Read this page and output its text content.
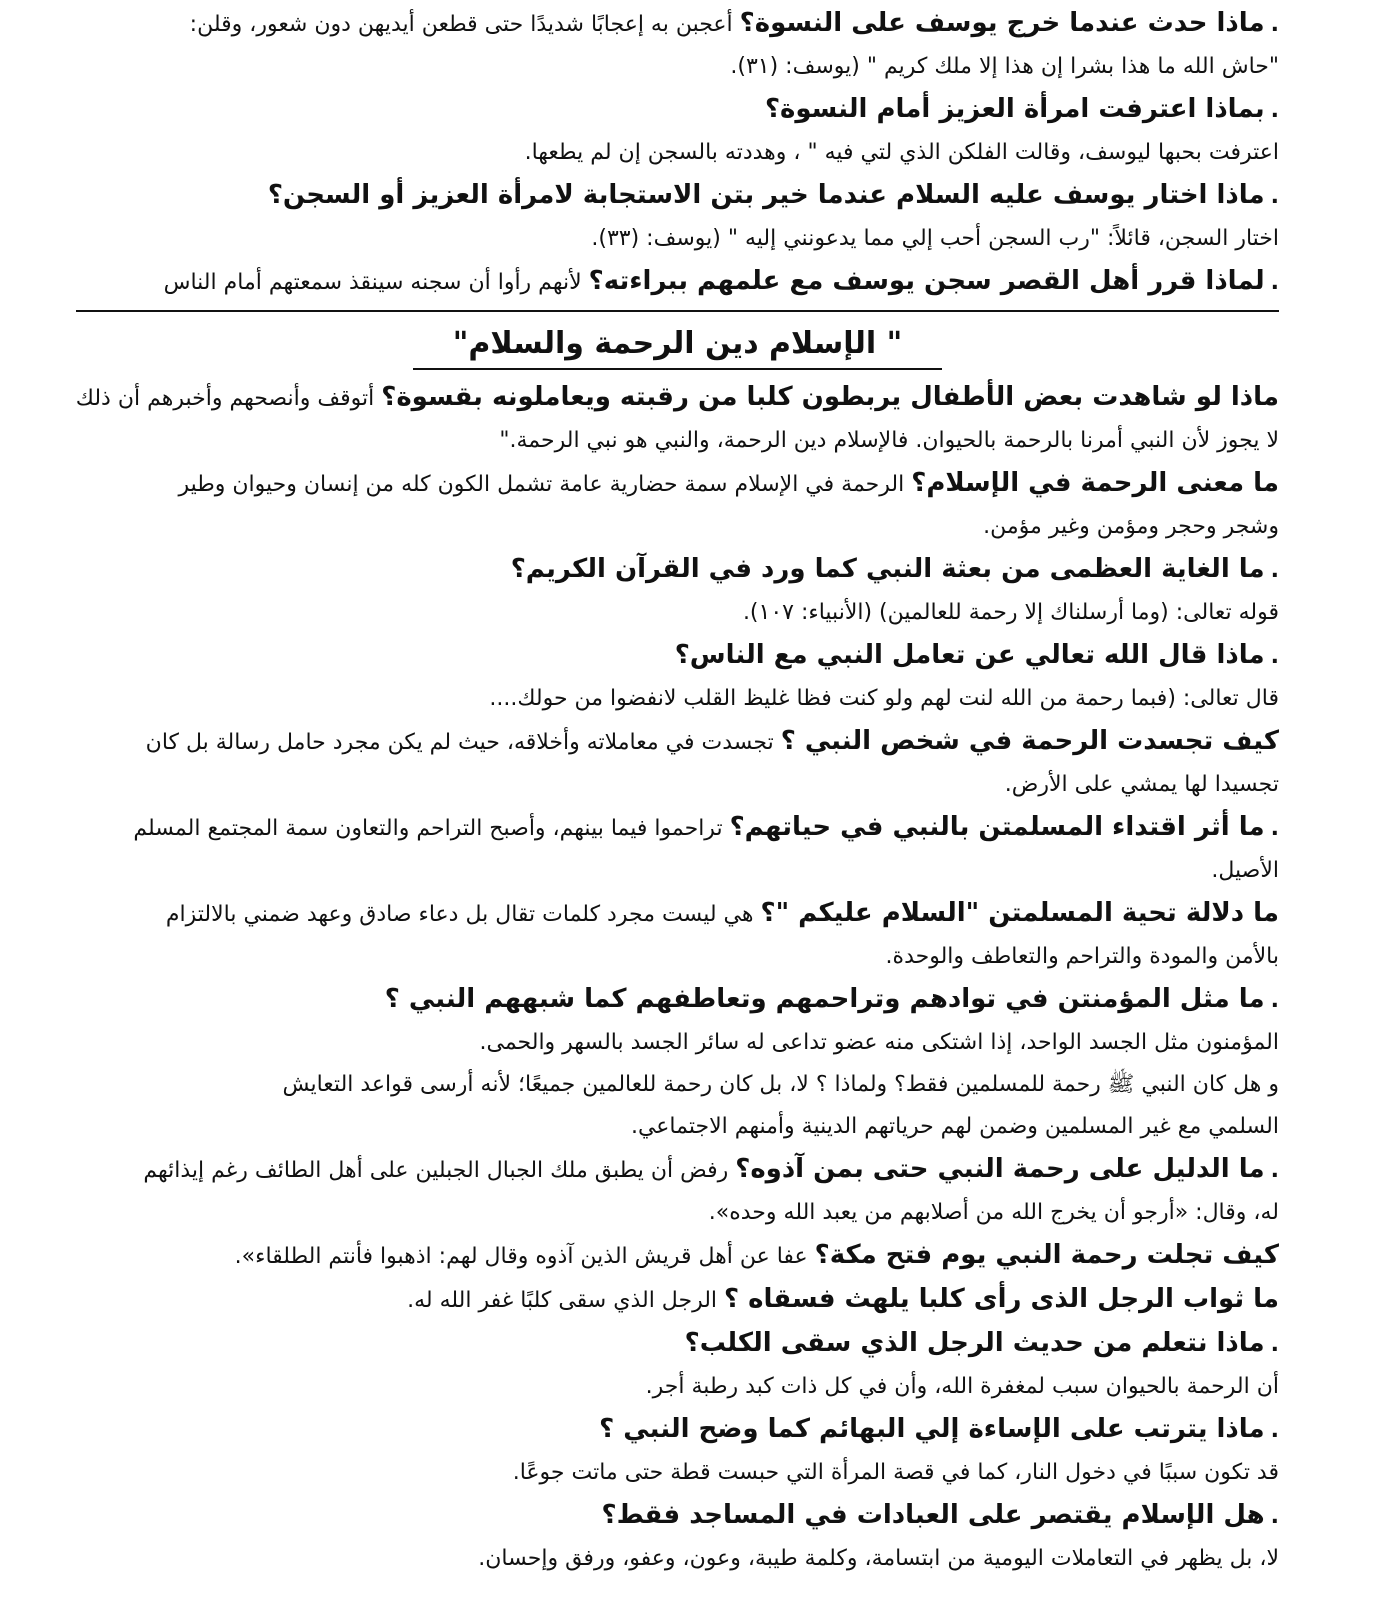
.ماذا حدث عندما خرج يوسف على النسوة؟ أعجبن به إعجابًا شديدًا حتى قطعن أيديهن دون شعور، وقلن:
"حاش الله ما هذا بشرا إن هذا إلا ملك كريم " (يوسف: (٣١).
.بماذا اعترفت امرأة العزيز أمام النسوة؟
اعترفت بحبها ليوسف، وقالت الفلكن الذي لتي فيه " ، وهددته بالسجن إن لم يطعها.
.ماذا اختار يوسف عليه السلام عندما خير بتن الاستجابة لامرأة العزيز أو السجن؟
اختار السجن، قائلاً: "رب السجن أحب إلي مما يدعونني إليه " (يوسف: (٣٣).
.لماذا قرر أهل القصر سجن يوسف مع علمهم ببراءته؟ لأنهم رأوا أن سجنه سينقذ سمعتهم أمام الناس
" الإسلام دين الرحمة والسلام"
ماذا لو شاهدت بعض الأطفال يربطون كلبا من رقبته ويعاملونه بقسوة؟ أتوقف وأنصحهم وأخبرهم أن ذلك
لا يجوز لأن النبي أمرنا بالرحمة بالحيوان. فالإسلام دين الرحمة، والنبي هو نبي الرحمة."
ما معنى الرحمة في الإسلام؟ الرحمة في الإسلام سمة حضارية عامة تشمل الكون كله من إنسان وحيوان وطير
وشجر وحجر ومؤمن وغير مؤمن.
.ما الغاية العظمى من بعثة النبي كما ورد في القرآن الكريم؟
قوله تعالى: (وما أرسلناك إلا رحمة للعالمين) (الأنبياء: ١٠٧).
.ماذا قال الله تعالي عن تعامل النبي مع الناس؟
قال تعالى: (فبما رحمة من الله لنت لهم ولو كنت فظا غليظ القلب لانفضوا من حولك....
كيف تجسدت الرحمة في شخص النبي ؟ تجسدت في معاملاته وأخلاقه، حيث لم يكن مجرد حامل رسالة بل كان
تجسيدا لها يمشي على الأرض.
.ما أثر اقتداء المسلمتن بالنبي في حياتهم؟ تراحموا فيما بينهم، وأصبح التراحم والتعاون سمة المجتمع المسلم
الأصيل.
ما دلالة تحية المسلمتن "السلام عليكم "؟ هي ليست مجرد كلمات تقال بل دعاء صادق وعهد ضمني بالالتزام
بالأمن والمودة والتراحم والتعاطف والوحدة.
.ما مثل المؤمنتن في توادهم وتراحمهم وتعاطفهم كما شبههم النبي ؟
المؤمنون مثل الجسد الواحد، إذا اشتكى منه عضو تداعى له سائر الجسد بالسهر والحمى.
و هل كان النبي ﷺ رحمة للمسلمين فقط؟ ولماذا ؟ لا، بل كان رحمة للعالمين جميعًا؛ لأنه أرسى قواعد التعايش
السلمي مع غير المسلمين وضمن لهم حرياتهم الدينية وأمنهم الاجتماعي.
.ما الدليل على رحمة النبي حتى بمن آذوه؟ رفض أن يطبق ملك الجبال الجبلين على أهل الطائف رغم إيذائهم
له، وقال: «أرجو أن يخرج الله من أصلابهم من يعبد الله وحده».
كيف تجلت رحمة النبي يوم فتح مكة؟ عفا عن أهل قريش الذين آذوه وقال لهم: اذهبوا فأنتم الطلقاء».
ما ثواب الرجل الذى رأى كلبا يلهث فسقاه ؟ الرجل الذي سقى كلبًا غفر الله له.
.ماذا نتعلم من حديث الرجل الذي سقى الكلب؟
أن الرحمة بالحيوان سبب لمغفرة الله، وأن في كل ذات كبد رطبة أجر.
.ماذا يترتب على الإساءة إلي البهائم كما وضح النبي ؟
قد تكون سببًا في دخول النار، كما في قصة المرأة التي حبست قطة حتى ماتت جوعًا.
.هل الإسلام يقتصر على العبادات في المساجد فقط؟
لا، بل يظهر في التعاملات اليومية من ابتسامة، وكلمة طيبة، وعون، وعفو، ورفق وإحسان.
